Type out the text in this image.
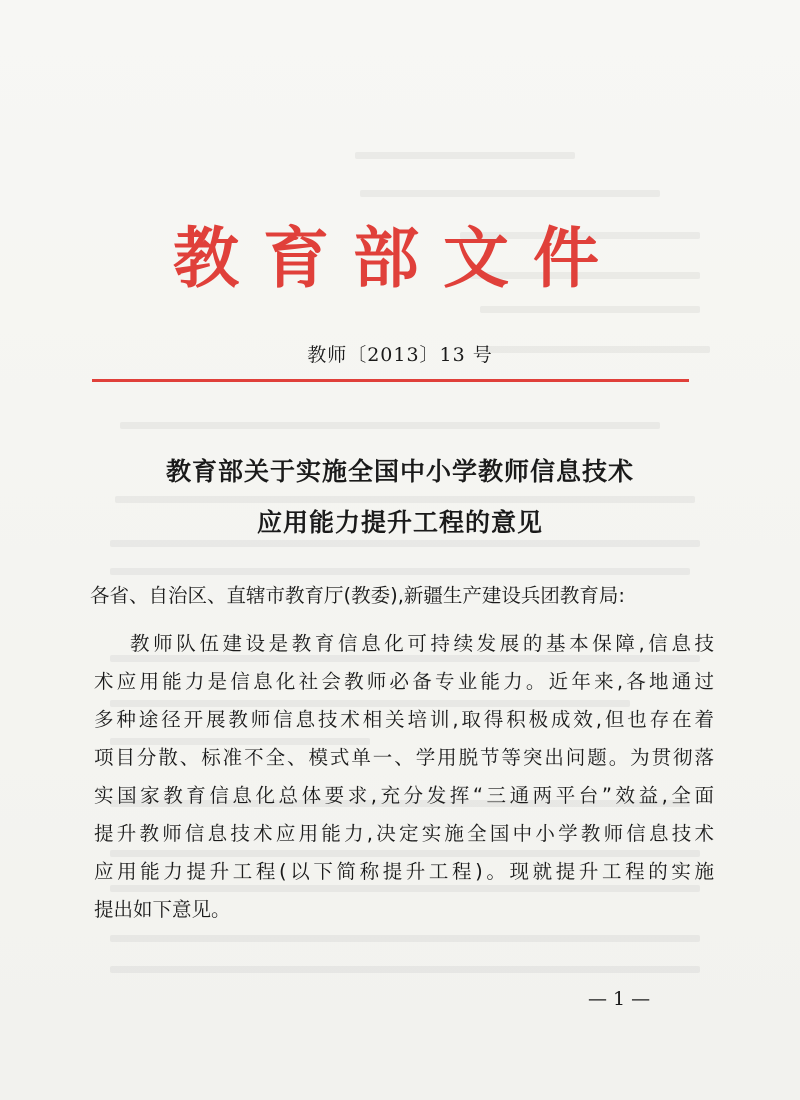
教育部文件
教师〔2013〕13 号
教育部关于实施全国中小学教师信息技术
应用能力提升工程的意见
各省、自治区、直辖市教育厅(教委),新疆生产建设兵团教育局:
教师队伍建设是教育信息化可持续发展的基本保障,信息技
术应用能力是信息化社会教师必备专业能力。近年来,各地通过
多种途径开展教师信息技术相关培训,取得积极成效,但也存在着
项目分散、标准不全、模式单一、学用脱节等突出问题。为贯彻落
实国家教育信息化总体要求,充分发挥“三通两平台”效益,全面
提升教师信息技术应用能力,决定实施全国中小学教师信息技术
应用能力提升工程(以下简称提升工程)。现就提升工程的实施
提出如下意见。
— 1 —
